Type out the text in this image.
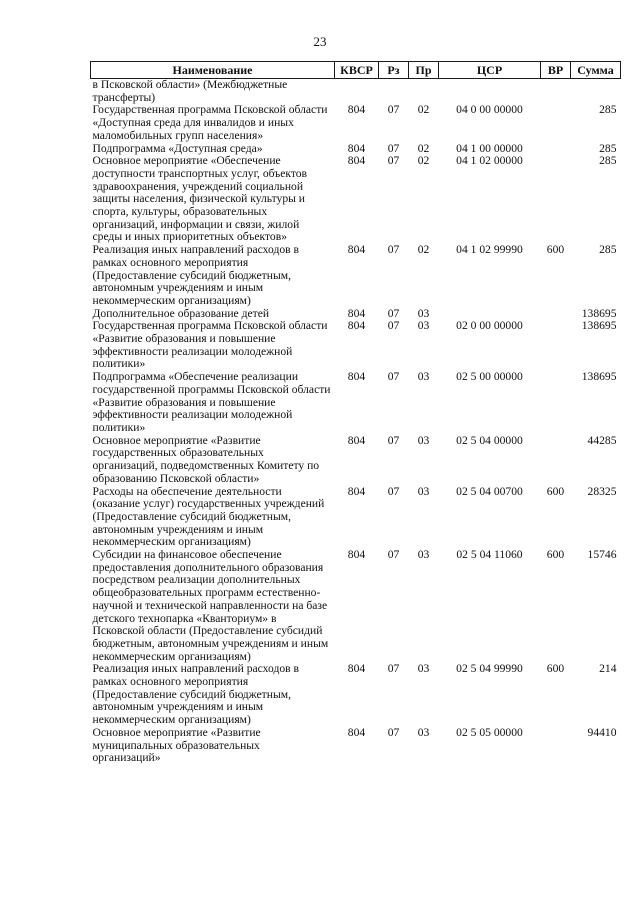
23
Наименование	КВСР	Рз	Пр	ЦСР	ВР	Сумма
в Псковской области» (Межбюджетные трансферты)						
Государственная программа Псковской области «Доступная среда для инвалидов и иных маломобильных групп населения»	804	07	02	04 0 00 00000		285
Подпрограмма «Доступная среда»	804	07	02	04 1 00 00000		285
Основное мероприятие «Обеспечение доступности транспортных услуг, объектов здравоохранения, учреждений социальной защиты населения, физической культуры и спорта, культуры, образовательных организаций, информации и связи, жилой среды и иных приоритетных объектов»	804	07	02	04 1 02 00000		285
Реализация иных направлений расходов в рамках основного мероприятия (Предоставление субсидий бюджетным, автономным учреждениям и иным некоммерческим организациям)	804	07	02	04 1 02 99990	600	285
Дополнительное образование детей	804	07	03			138695
Государственная программа Псковской области «Развитие образования и повышение эффективности реализации молодежной политики»	804	07	03	02 0 00 00000		138695
Подпрограмма «Обеспечение реализации государственной программы Псковской области «Развитие образования и повышение эффективности реализации молодежной политики»	804	07	03	02 5 00 00000		138695
Основное мероприятие «Развитие государственных образовательных организаций, подведомственных Комитету по образованию Псковской области»	804	07	03	02 5 04 00000		44285
Расходы на обеспечение деятельности (оказание услуг) государственных учреждений (Предоставление субсидий бюджетным, автономным учреждениям и иным некоммерческим организациям)	804	07	03	02 5 04 00700	600	28325
Субсидии на финансовое обеспечение предоставления дополнительного образования посредством реализации дополнительных общеобразовательных программ естественно-научной и технической направленности на базе детского технопарка «Кванториум» в Псковской области (Предоставление субсидий бюджетным, автономным учреждениям и иным некоммерческим организациям)	804	07	03	02 5 04 11060	600	15746
Реализация иных направлений расходов в рамках основного мероприятия (Предоставление субсидий бюджетным, автономным учреждениям и иным некоммерческим организациям)	804	07	03	02 5 04 99990	600	214
Основное мероприятие «Развитие муниципальных образовательных организаций»	804	07	03	02 5 05 00000		94410
